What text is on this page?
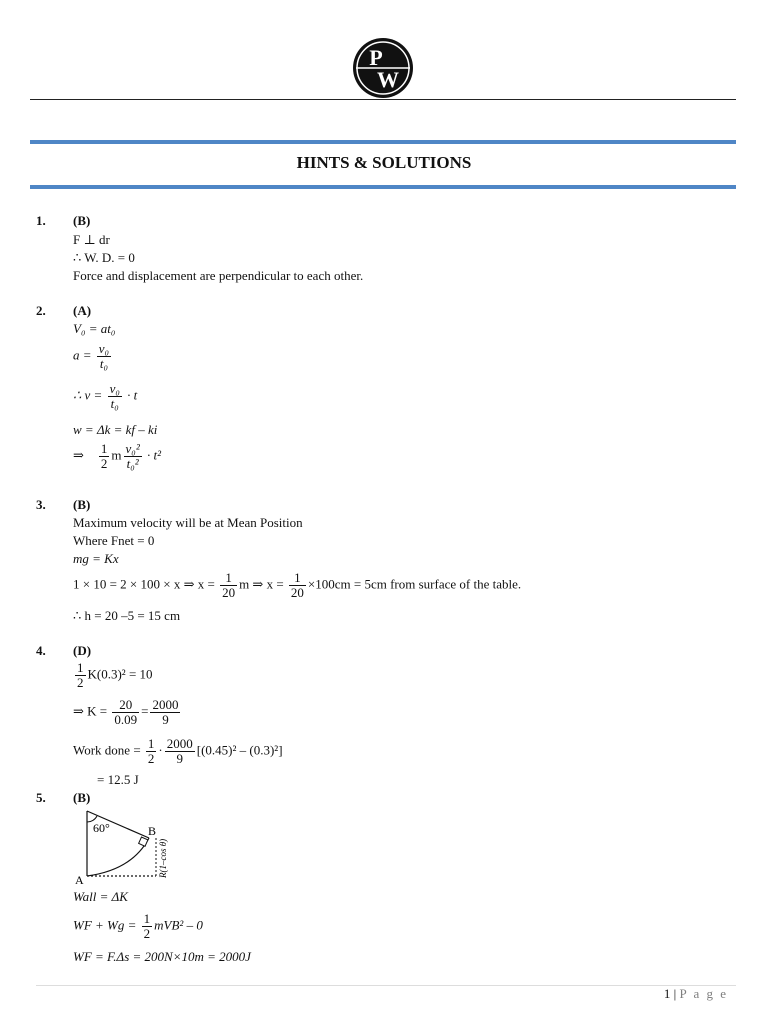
P
W
HINTS & SOLUTIONS
1. (B)
F ⊥ dr
∴ W. D. = 0
Force and displacement are perpendicular to each other.
2. (A)
V₀ = at₀
$a = \frac{\text{v₀}}{\text{t₀}}$
∴ $v = \frac{\text{v₀}}{\text{t₀}} \cdot t$
w = Δk = kf – ki
⇒ $\frac{1}{2}$ m $\frac{\text{v₀²}}{\text{t₀²}} \cdot t^2$
3. (B)
Maximum velocity will be at Mean Position
Where Fnet = 0
mg = Kx
1 × 10 = 2 × 100 × x ⇒ $x = \frac{1}{20}$ m ⇒ $x = \frac{1}{20} \times 100cm = 5cm$ from surface of the table.
∴ h = 20 –5 = 15 cm
4. (D)
$\frac{1}{2} K(0.3)^2 = 10$
⇒ $K = \frac{20}{0.09} = \frac{2000}{9}$
Work done = $\frac{1}{2} \cdot \frac{2000}{9} [(0.45)^2 - (0.3)^2]$
= 12.5 J
5. (B)
60°	B
A
R(1–cos θ)
Wall = ΔK
WF + $Wg = \frac{1}{2} mVB^2 - 0$
WF = F.Δs = 200N×10m = 2000J
1 | P a g e
